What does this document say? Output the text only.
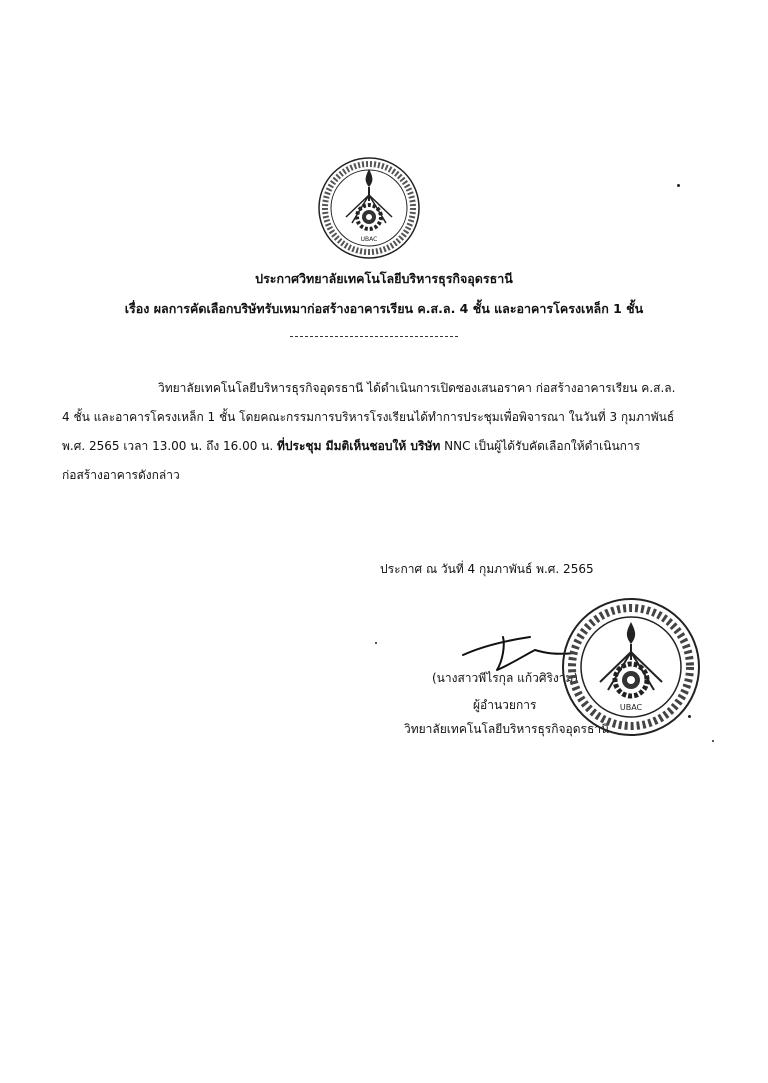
UBAC
ประกาศวิทยาลัยเทคโนโลยีบริหารธุรกิจอุดรธานี
เรื่อง ผลการคัดเลือกบริษัทรับเหมาก่อสร้างอาคารเรียน ค.ส.ล. 4 ชั้น และอาคารโครงเหล็ก 1 ชั้น
วิทยาลัยเทคโนโลยีบริหารธุรกิจอุดรธานี ได้ดำเนินการเปิดซองเสนอราคา ก่อสร้างอาคารเรียน ค.ส.ล.
4 ชั้น และอาคารโครงเหล็ก 1 ชั้น โดยคณะกรรมการบริหารโรงเรียนได้ทำการประชุมเพื่อพิจารณา ในวันที่ 3 กุมภาพันธ์
พ.ศ. 2565 เวลา 13.00 น. ถึง 16.00 น. ที่ประชุม มีมติเห็นชอบให้ บริษัท NNC เป็นผู้ได้รับคัดเลือกให้ดำเนินการ
ก่อสร้างอาคารดังกล่าว
ประกาศ ณ วันที่ 4 กุมภาพันธ์ พ.ศ. 2565
(นางสาวพีไรกุล แก้วศิริงาม)
ผู้อำนวยการ
วิทยาลัยเทคโนโลยีบริหารธุรกิจอุดรธานี
UBAC
